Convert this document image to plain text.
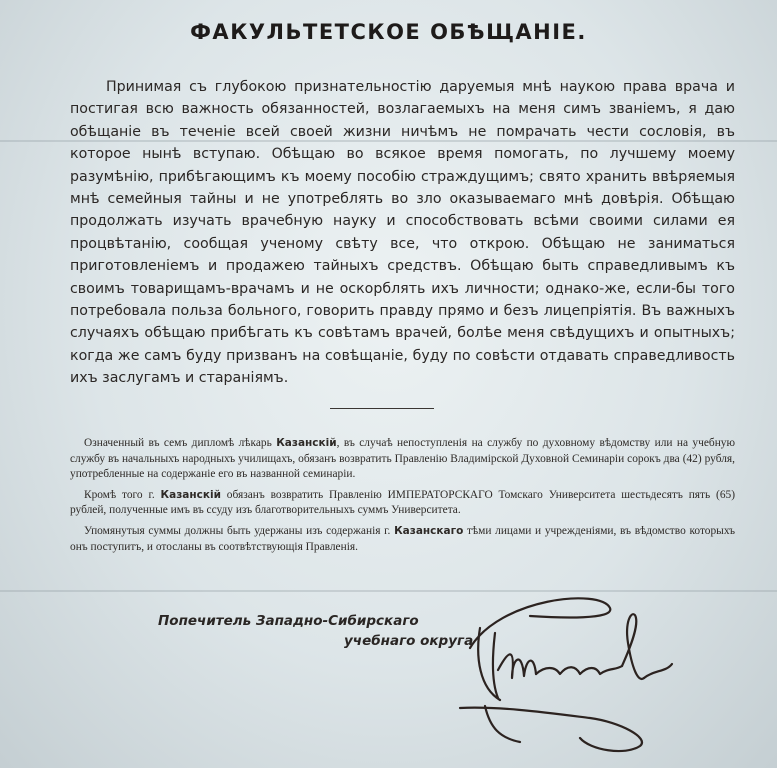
ФАКУЛЬТЕТСКОЕ ОБѢЩАНІЕ.
Принимая съ глубокою признательностію даруемыя мнѣ наукою права врача и постигая всю важность обязанностей, возлагаемыхъ на меня симъ званіемъ, я даю обѣщаніе въ теченіе всей своей жизни ничѣмъ не помрачать чести сословія, въ которое нынѣ вступаю. Обѣщаю во всякое время помогать, по лучшему моему разумѣнію, прибѣгающимъ къ моему пособію страждущимъ; свято хранить ввѣряемыя мнѣ семейныя тайны и не употреблять во зло оказываемаго мнѣ довѣрія. Обѣщаю продолжать изучать врачебную науку и способствовать всѣми своими силами ея процвѣтанію, сообщая ученому свѣту все, что открою. Обѣщаю не заниматься приготовленіемъ и продажею тайныхъ средствъ. Обѣщаю быть справедливымъ къ своимъ товарищамъ-врачамъ и не оскорблять ихъ личности; однако-же, если-бы того потребовала польза больного, говорить правду прямо и безъ лицепріятія. Въ важныхъ случаяхъ обѣщаю прибѣгать къ совѣтамъ врачей, болѣе меня свѣдущихъ и опытныхъ; когда же самъ буду призванъ на совѣщаніе, буду по совѣсти отдавать справедливость ихъ заслугамъ и стараніямъ.

Означенный въ семъ дипломѣ лѣкарь Казанскій, въ случаѣ непоступленія на службу по духовному вѣдомству или на учебную службу въ начальныхъ народныхъ училищахъ, обязанъ возвратить Правленію Владимірской Духовной Семинаріи сорокъ два (42) рубля, употребленные на содержаніе его въ названной семинаріи.

Кромѣ того г. Казанскій обязанъ возвратить Правленію ИМПЕРАТОРСКАГО Томскаго Университета шестьдесятъ пять (65) рублей, полученные имъ въ ссуду изъ благотворительныхъ суммъ Университета.

Упомянутыя суммы должны быть удержаны изъ содержанія г. Казанскаго тѣми лицами и учрежденіями, въ вѣдомство которыхъ онъ поступитъ, и отосланы въ соотвѣтствующія Правленія.

Попечитель Западно-Сибирскаго
учебнаго округа
